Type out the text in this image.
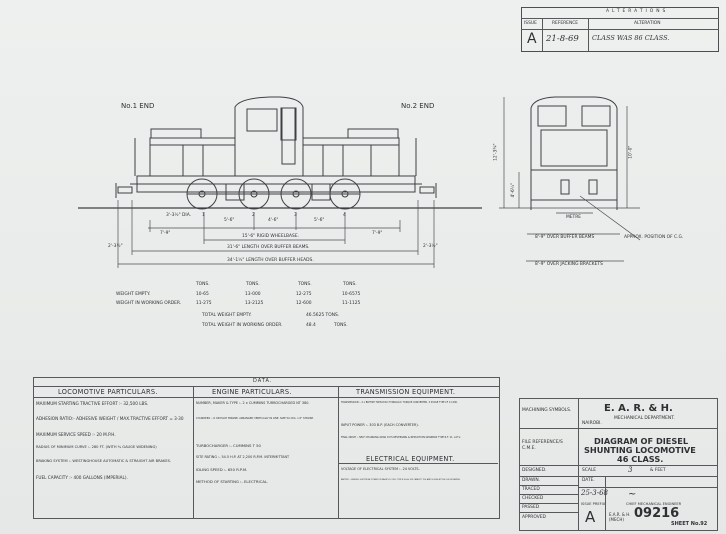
ALTERATIONS
ISSUE	REFERENCE	ALTERATION
A 21-8-69 CLASS WAS 86 CLASS.
No.1 END	No.2 END
3'-3½" DIA. 1	2	3	4
5'-6"	4'-6"	5'-6"
7'-9"	7'-9"
2'-3½"	2'-3½"
15'-6" RIGID WHEELBASE.
31'-6" LENGTH OVER BUFFER BEAMS.
34'-1½" LENGTH OVER BUFFER HEADS.
12'-3¼"	10'-0"
4'-6½"
METRE
8'-9" OVER BUFFER BEAMS	APPROX. POSITION OF C.G.
8'-9" OVER JACKING BRACKETS
TONS.	TONS.	TONS.	TONS.
WEIGHT EMPTY.	10-65	13-000	12-275	10-6575
WEIGHT IN WORKING ORDER.	11-275	13-2125	12-600	11-1125
TOTAL WEIGHT EMPTY.	46.5625 TONS.
TOTAL WEIGHT IN WORKING ORDER.	48.4	TONS.
DATA.
LOCOMOTIVE PARTICULARS.	ENGINE PARTICULARS.	TRANSMISSION EQUIPMENT.
MAXIMUM STARTING TRACTIVE EFFORT :- 32,500 LBS.
ADHESION RATIO:- ADHESIVE WEIGHT / MAX.TRACTIVE EFFORT = 3·30
MAXIMUM SERVICE SPEED :- 20 M.P.H.
RADIUS OF MINIMUM CURVE :- 280 FT. (WITH ¾ GAUGE WIDENING)
BRAKING SYSTEM :- WESTINGHOUSE AUTOMATIC & STRAIGHT AIR BRAKES.
FUEL CAPACITY :- 400 GALLONS (IMPERIAL).
NUMBER, MAKER & TYPE :- 2 x CUMMINS TURBOCHARGED NT 380.
CYLINDERS :- 6 ON EACH ENGINE, ARRANGED VERTICALLY IN LINE. SIZE 5⅛ DIA. x 6" STROKE.
TURBOCHARGER :- CUMMINS T 50
SITE RATING :- 54.5 H.P. AT 2,200 R.P.M. INTERMITTANT
IDLING SPEED :- 650 R.P.M.
METHOD OF STARTING :- ELECTRICAL.
TRANSMISSION :- 2 x BRITISH TWIN DISC HYDRAULIC TORQUE CONVERTER, 3 STAGE TYPE CF 11,500.
INPUT POWER :- 303 B.P. (EACH CONVERTER).
FINAL DRIVE :- SELF CHANGING GEAR CO'S REVERSING & REDUCTION GEARBOX TYPE R.F. 11. A.E.V.
ELECTRICAL EQUIPMENT.
VOLTAGE OF ELECTRICAL SYSTEM :- 24 VOLTS.
BATTERY :- MESSRS. ELECTRICAL POWER STORAGE'S 12 CELL TYPE R.S.H.A. E19 CAPACITY 216 AMP. HOURS AT THE 5 HOUR RATING.
MACHINING SYMBOLS.	E. A. R. & H.
MECHANICAL DEPARTMENT.
NAIROBI.
FILE REFERENCE/S C.M.E.
DIAGRAM OF DIESEL
SHUNTING LOCOMOTIVE
46 CLASS.
DESIGNED.
DRAWN.
TRACED
CHECKED
PASSED
APPROVED
SCALE	3	& FEET
DATE.
25-3-68
ISSUE PREFIX
A
~
CHIEF MECHANICAL ENGINEER
E.A.R. & H. (MECH) 09216
SHEET No.92
